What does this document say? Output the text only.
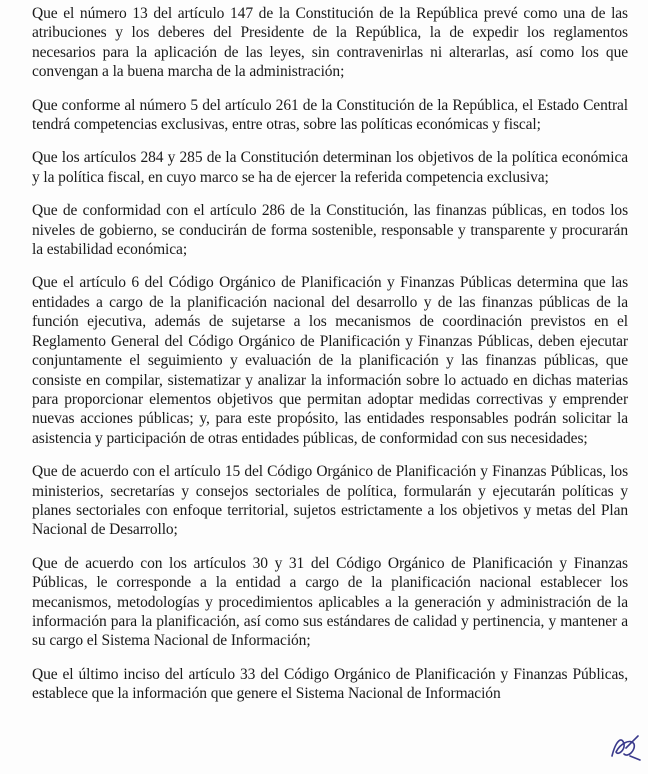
Que el número 13 del artículo 147 de la Constitución de la República prevé como una de las atribuciones y los deberes del Presidente de la República, la de expedir los reglamentos necesarios para la aplicación de las leyes, sin contravenirlas ni alterarlas, así como los que convengan a la buena marcha de la administración;

Que conforme al número 5 del artículo 261 de la Constitución de la República, el Estado Central tendrá competencias exclusivas, entre otras, sobre las políticas económicas y fiscal;

Que los artículos 284 y 285 de la Constitución determinan los objetivos de la política económica y la política fiscal, en cuyo marco se ha de ejercer la referida competencia exclusiva;

Que de conformidad con el artículo 286 de la Constitución, las finanzas públicas, en todos los niveles de gobierno, se conducirán de forma sostenible, responsable y transparente y procurarán la estabilidad económica;

Que el artículo 6 del Código Orgánico de Planificación y Finanzas Públicas determina que las entidades a cargo de la planificación nacional del desarrollo y de las finanzas públicas de la función ejecutiva, además de sujetarse a los mecanismos de coordinación previstos en el Reglamento General del Código Orgánico de Planificación y Finanzas Públicas, deben ejecutar conjuntamente el seguimiento y evaluación de la planificación y las finanzas públicas, que consiste en compilar, sistematizar y analizar la información sobre lo actuado en dichas materias para proporcionar elementos objetivos que permitan adoptar medidas correctivas y emprender nuevas acciones públicas; y, para este propósito, las entidades responsables podrán solicitar la asistencia y participación de otras entidades públicas, de conformidad con sus necesidades;

Que de acuerdo con el artículo 15 del Código Orgánico de Planificación y Finanzas Públicas, los ministerios, secretarías y consejos sectoriales de política, formularán y ejecutarán políticas y planes sectoriales con enfoque territorial, sujetos estrictamente a los objetivos y metas del Plan Nacional de Desarrollo;

Que de acuerdo con los artículos 30 y 31 del Código Orgánico de Planificación y Finanzas Públicas, le corresponde a la entidad a cargo de la planificación nacional establecer los mecanismos, metodologías y procedimientos aplicables a la generación y administración de la información para la planificación, así como sus estándares de calidad y pertinencia, y mantener a su cargo el Sistema Nacional de Información;

Que el último inciso del artículo 33 del Código Orgánico de Planificación y Finanzas Públicas, establece que la información que genere el Sistema Nacional de Información
